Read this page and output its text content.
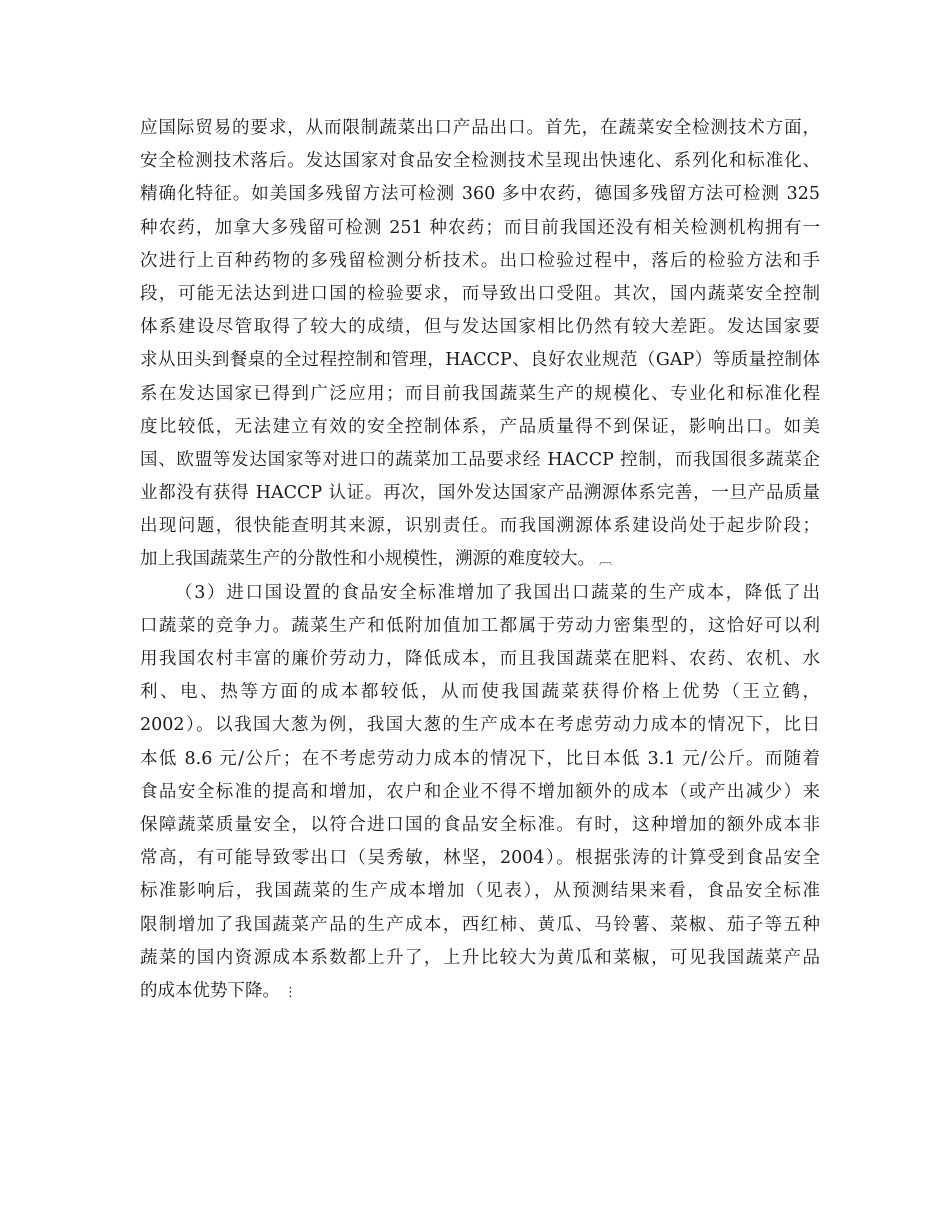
应国际贸易的要求，从而限制蔬菜出口产品出口。首先，在蔬菜安全检测技术方面，
安全检测技术落后。发达国家对食品安全检测技术呈现出快速化、系列化和标准化、
精确化特征。如美国多残留方法可检测 360 多中农药，德国多残留方法可检测 325
种农药，加拿大多残留可检测 251 种农药；而目前我国还没有相关检测机构拥有一
次进行上百种药物的多残留检测分析技术。出口检验过程中，落后的检验方法和手
段，可能无法达到进口国的检验要求，而导致出口受阻。其次，国内蔬菜安全控制
体系建设尽管取得了较大的成绩，但与发达国家相比仍然有较大差距。发达国家要
求从田头到餐桌的全过程控制和管理，HACCP、良好农业规范（GAP）等质量控制体
系在发达国家已得到广泛应用；而目前我国蔬菜生产的规模化、专业化和标准化程
度比较低，无法建立有效的安全控制体系，产品质量得不到保证，影响出口。如美
国、欧盟等发达国家等对进口的蔬菜加工品要求经 HACCP 控制，而我国很多蔬菜企
业都没有获得 HACCP 认证。再次，国外发达国家产品溯源体系完善，一旦产品质量
出现问题，很快能查明其来源，识别责任。而我国溯源体系建设尚处于起步阶段；
加上我国蔬菜生产的分散性和小规模性，溯源的难度较大。 ︹
（3）进口国设置的食品安全标准增加了我国出口蔬菜的生产成本，降低了出
口蔬菜的竞争力。蔬菜生产和低附加值加工都属于劳动力密集型的，这恰好可以利
用我国农村丰富的廉价劳动力，降低成本，而且我国蔬菜在肥料、农药、农机、水
利、电、热等方面的成本都较低，从而使我国蔬菜获得价格上优势（王立鹤，
2002）。以我国大葱为例，我国大葱的生产成本在考虑劳动力成本的情况下，比日
本低 8.6 元/公斤；在不考虑劳动力成本的情况下，比日本低 3.1 元/公斤。而随着
食品安全标准的提高和增加，农户和企业不得不增加额外的成本（或产出减少）来
保障蔬菜质量安全，以符合进口国的食品安全标准。有时，这种增加的额外成本非
常高，有可能导致零出口（吴秀敏，林坚，2004）。根据张涛的计算受到食品安全
标准影响后，我国蔬菜的生产成本增加（见表），从预测结果来看，食品安全标准
限制增加了我国蔬菜产品的生产成本，西红柿、黄瓜、马铃薯、菜椒、茄子等五种
蔬菜的国内资源成本系数都上升了，上升比较大为黄瓜和菜椒，可见我国蔬菜产品
的成本优势下降。 ⋮
